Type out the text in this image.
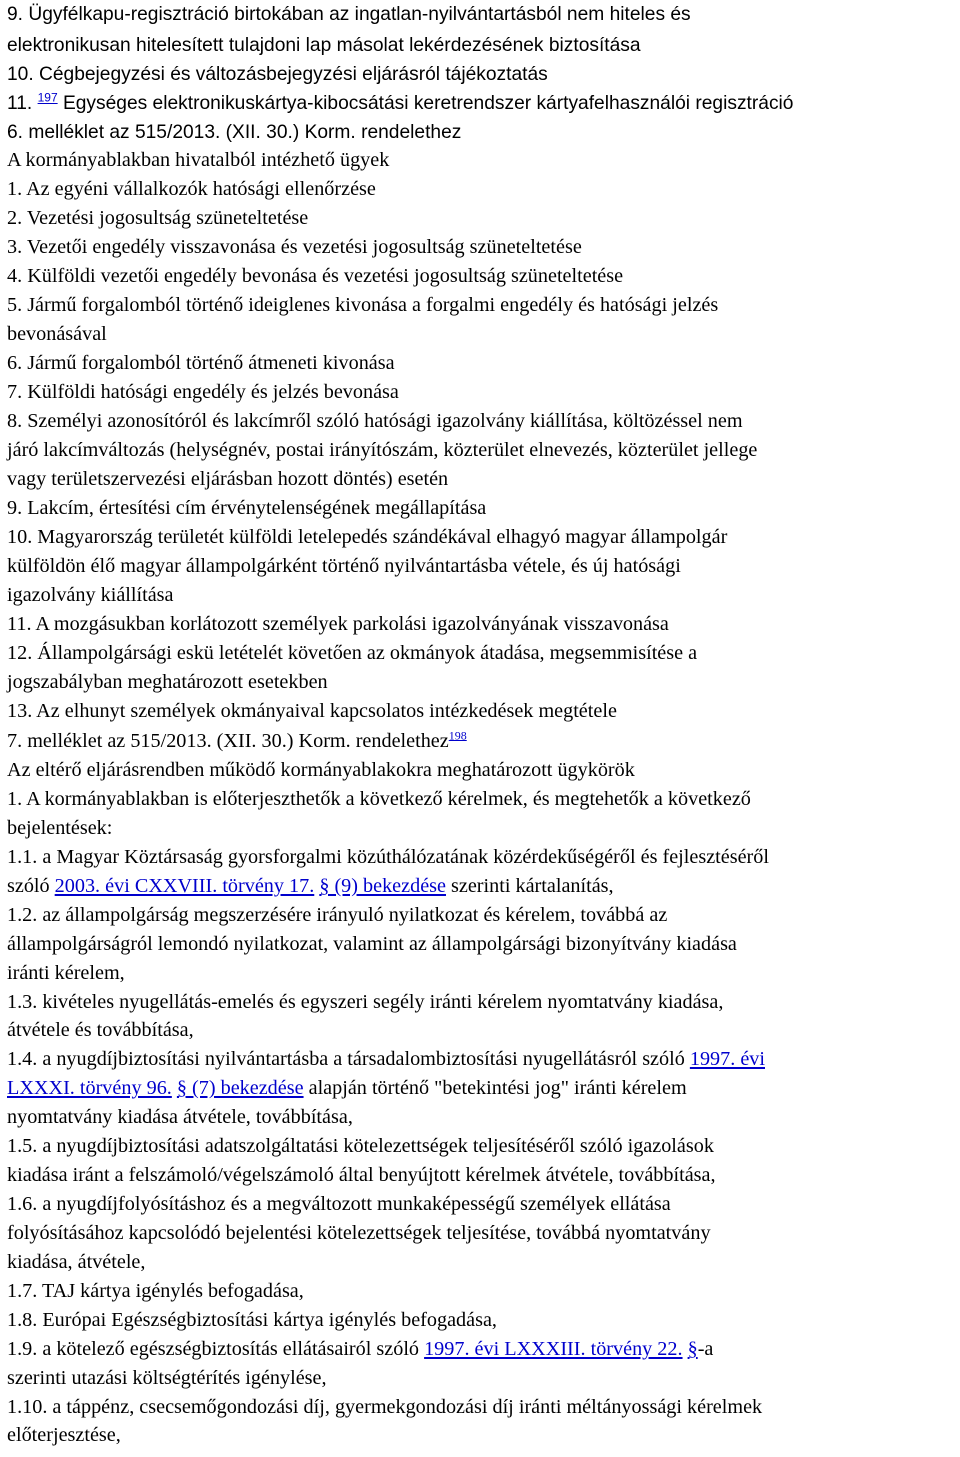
9. Ügyfélkapu-regisztráció birtokában az ingatlan-nyilvántartásból nem hiteles és
elektronikusan hitelesített tulajdoni lap másolat lekérdezésének biztosítása
10. Cégbejegyzési és változásbejegyzési eljárásról tájékoztatás
11. $^{197}$ Egységes elektronikuskártya-kibocsátási keretrendszer kártyafelhasználói regisztráció
6. melléklet az 515/2013. (XII. 30.) Korm. rendelethez
A kormányablakban hivatalból intézhető ügyek
1. Az egyéni vállalkozók hatósági ellenőrzése
2. Vezetési jogosultság szüneteltetése
3. Vezetői engedély visszavonása és vezetési jogosultság szüneteltetése
4. Külföldi vezetői engedély bevonása és vezetési jogosultság szüneteltetése
5. Jármű forgalomból történő ideiglenes kivonása a forgalmi engedély és hatósági jelzés
bevonásával
6. Jármű forgalomból történő átmeneti kivonása
7. Külföldi hatósági engedély és jelzés bevonása
8. Személyi azonosítóról és lakcímről szóló hatósági igazolvány kiállítása, költözéssel nem
járó lakcímváltozás (helységnév, postai irányítószám, közterület elnevezés, közterület jellege
vagy területszervezési eljárásban hozott döntés) esetén
9. Lakcím, értesítési cím érvénytelenségének megállapítása
10. Magyarország területét külföldi letelepedés szándékával elhagyó magyar állampolgár
külföldön élő magyar állampolgárként történő nyilvántartásba vétele, és új hatósági
igazolvány kiállítása
11. A mozgásukban korlátozott személyek parkolási igazolványának visszavonása
12. Állampolgársági eskü letételét követően az okmányok átadása, megsemmisítése a
jogszabályban meghatározott esetekben
13. Az elhunyt személyek okmányaival kapcsolatos intézkedések megtétele
7. melléklet az 515/2013. (XII. 30.) Korm. rendelethez$^{198}$
Az eltérő eljárásrendben működő kormányablakokra meghatározott ügykörök
1. A kormányablakban is előterjeszthetők a következő kérelmek, és megtehetők a következő
bejelentések:
1.1. a Magyar Köztársaság gyorsforgalmi közúthálózatának közérdekűségéről és fejlesztéséről
szóló 2003. évi CXXVIII. törvény 17. § (9) bekezdése szerinti kártalanítás,
1.2. az állampolgárság megszerzésére irányuló nyilatkozat és kérelem, továbbá az
állampolgárságról lemondó nyilatkozat, valamint az állampolgársági bizonyítvány kiadása
iránti kérelem,
1.3. kivételes nyugellátás-emelés és egyszeri segély iránti kérelem nyomtatvány kiadása,
átvétele és továbbítása,
1.4. a nyugdíjbiztosítási nyilvántartásba a társadalombiztosítási nyugellátásról szóló 1997. évi
LXXXI. törvény 96. § (7) bekezdése alapján történő "betekintési jog" iránti kérelem
nyomtatvány kiadása átvétele, továbbítása,
1.5. a nyugdíjbiztosítási adatszolgáltatási kötelezettségek teljesítéséről szóló igazolások
kiadása iránt a felszámoló/végelszámoló által benyújtott kérelmek átvétele, továbbítása,
1.6. a nyugdíjfolyósításhoz és a megváltozott munkaképességű személyek ellátása
folyósításához kapcsolódó bejelentési kötelezettségek teljesítése, továbbá nyomtatvány
kiadása, átvétele,
1.7. TAJ kártya igénylés befogadása,
1.8. Európai Egészségbiztosítási kártya igénylés befogadása,
1.9. a kötelező egészségbiztosítás ellátásairól szóló 1997. évi LXXXIII. törvény 22. §-a
szerinti utazási költségtérítés igénylése,
1.10. a táppénz, csecsemőgondozási díj, gyermekgondozási díj iránti méltányossági kérelmek
előterjesztése,
